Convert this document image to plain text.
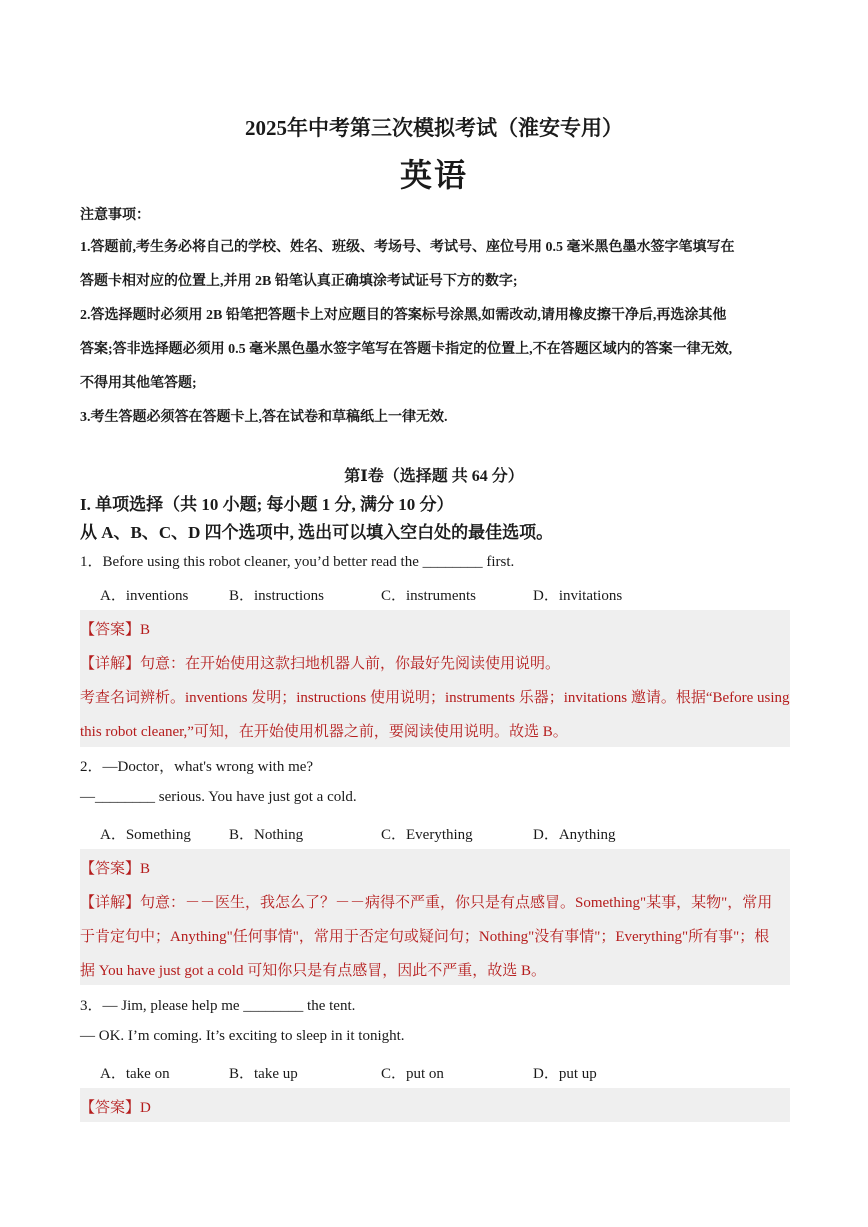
2025年中考第三次模拟考试（淮安专用）
英语
注意事项：
1.答题前,考生务必将自己的学校、姓名、班级、考场号、考试号、座位号用 0.5 毫米黑色墨水签字笔填写在
答题卡相对应的位置上,并用 2B 铅笔认真正确填涂考试证号下方的数字;
2.答选择题时必须用 2B 铅笔把答题卡上对应题目的答案标号涂黑,如需改动,请用橡皮擦干净后,再选涂其他
答案;答非选择题必须用 0.5 毫米黑色墨水签字笔写在答题卡指定的位置上,不在答题区域内的答案一律无效,
不得用其他笔答题;
3.考生答题必须答在答题卡上,答在试卷和草稿纸上一律无效.
第Ⅰ卷（选择题 共 64 分）
I. 单项选择（共 10 小题; 每小题 1 分, 满分 10 分）
从 A、B、C、D 四个选项中, 选出可以填入空白处的最佳选项。
1．Before using this robot cleaner, you’d better read the ________ first.
A．inventions	B．instructions	C．instruments	D．invitations
【答案】B
【详解】句意：在开始使用这款扫地机器人前，你最好先阅读使用说明。
考查名词辨析。inventions 发明；instructions 使用说明；instruments 乐器；invitations 邀请。根据“Before using
this robot cleaner,”可知，在开始使用机器之前，要阅读使用说明。故选 B。
2．—Doctor，what's wrong with me?
—________ serious. You have just got a cold.
A．Something	B．Nothing	C．Everything	D．Anything
【答案】B
【详解】句意：－－医生，我怎么了？－－病得不严重，你只是有点感冒。Something"某事，某物"，常用
于肯定句中；Anything"任何事情"，常用于否定句或疑问句；Nothing"没有事情"；Everything"所有事"；根
据 You have just got a cold 可知你只是有点感冒，因此不严重，故选 B。
3．— Jim, please help me ________ the tent.
— OK. I’m coming. It’s exciting to sleep in it tonight.
A．take on	B．take up	C．put on	D．put up
【答案】D
